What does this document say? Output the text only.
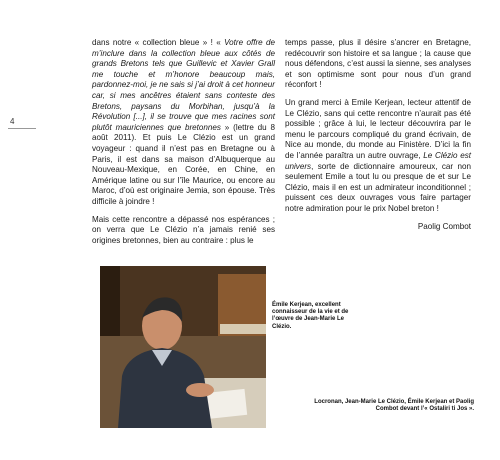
4

dans notre « collection bleue » ! « Votre offre de m’inclure dans la collection bleue aux côtés de grands Bretons tels que Guillevic et Xavier Grall me touche et m’honore beaucoup mais, pardonnez-moi, je ne sais si j’ai droit à cet honneur car, si mes ancêtres étaient sans conteste des Bretons, paysans du Morbihan, jusqu’à la Révolution [...], il se trouve que mes racines sont plutôt mauriciennes que bretonnes » (lettre du 8 août 2011). Et puis Le Clézio est un grand voyageur : quand il n’est pas en Bretagne ou à Paris, il est dans sa maison d’Albuquerque au Nouveau-Mexique, en Corée, en Chine, en Amérique latine ou sur l’île Maurice, ou encore au Maroc, d’où est originaire Jemia, son épouse. Très difficile à joindre !

Mais cette rencontre a dépassé nos espérances ; on verra que Le Clézio n’a jamais renié ses origines bretonnes, bien au contraire : plus le

temps passe, plus il désire s’ancrer en Bretagne, redécouvrir son histoire et sa langue ; la cause que nous défendons, c’est aussi la sienne, ses analyses et son optimisme sont pour nous d’un grand réconfort !

Un grand merci à Emile Kerjean, lecteur attentif de Le Clézio, sans qui cette rencontre n’aurait pas été possible ; grâce à lui, le lecteur découvrira par le menu le parcours compliqué du grand écrivain, de Nice au monde, du monde au Finistère. D’ici la fin de l’année paraîtra un autre ouvrage, Le Clézio est univers, sorte de dictionnaire amoureux, car non seulement Emile a tout lu ou presque de et sur Le Clézio, mais il en est un admirateur inconditionnel ; puissent ces deux ouvrages vous faire partager notre admiration pour le prix Nobel breton !

Paolig Combot

Émile Kerjean, excellent connaisseur de la vie et de l’œuvre de Jean-Marie Le Clézio.
Locronan, Jean-Marie Le Clézio, Émile Kerjean et Paolig Combot devant l’« Ostaliri ti Jos ».
